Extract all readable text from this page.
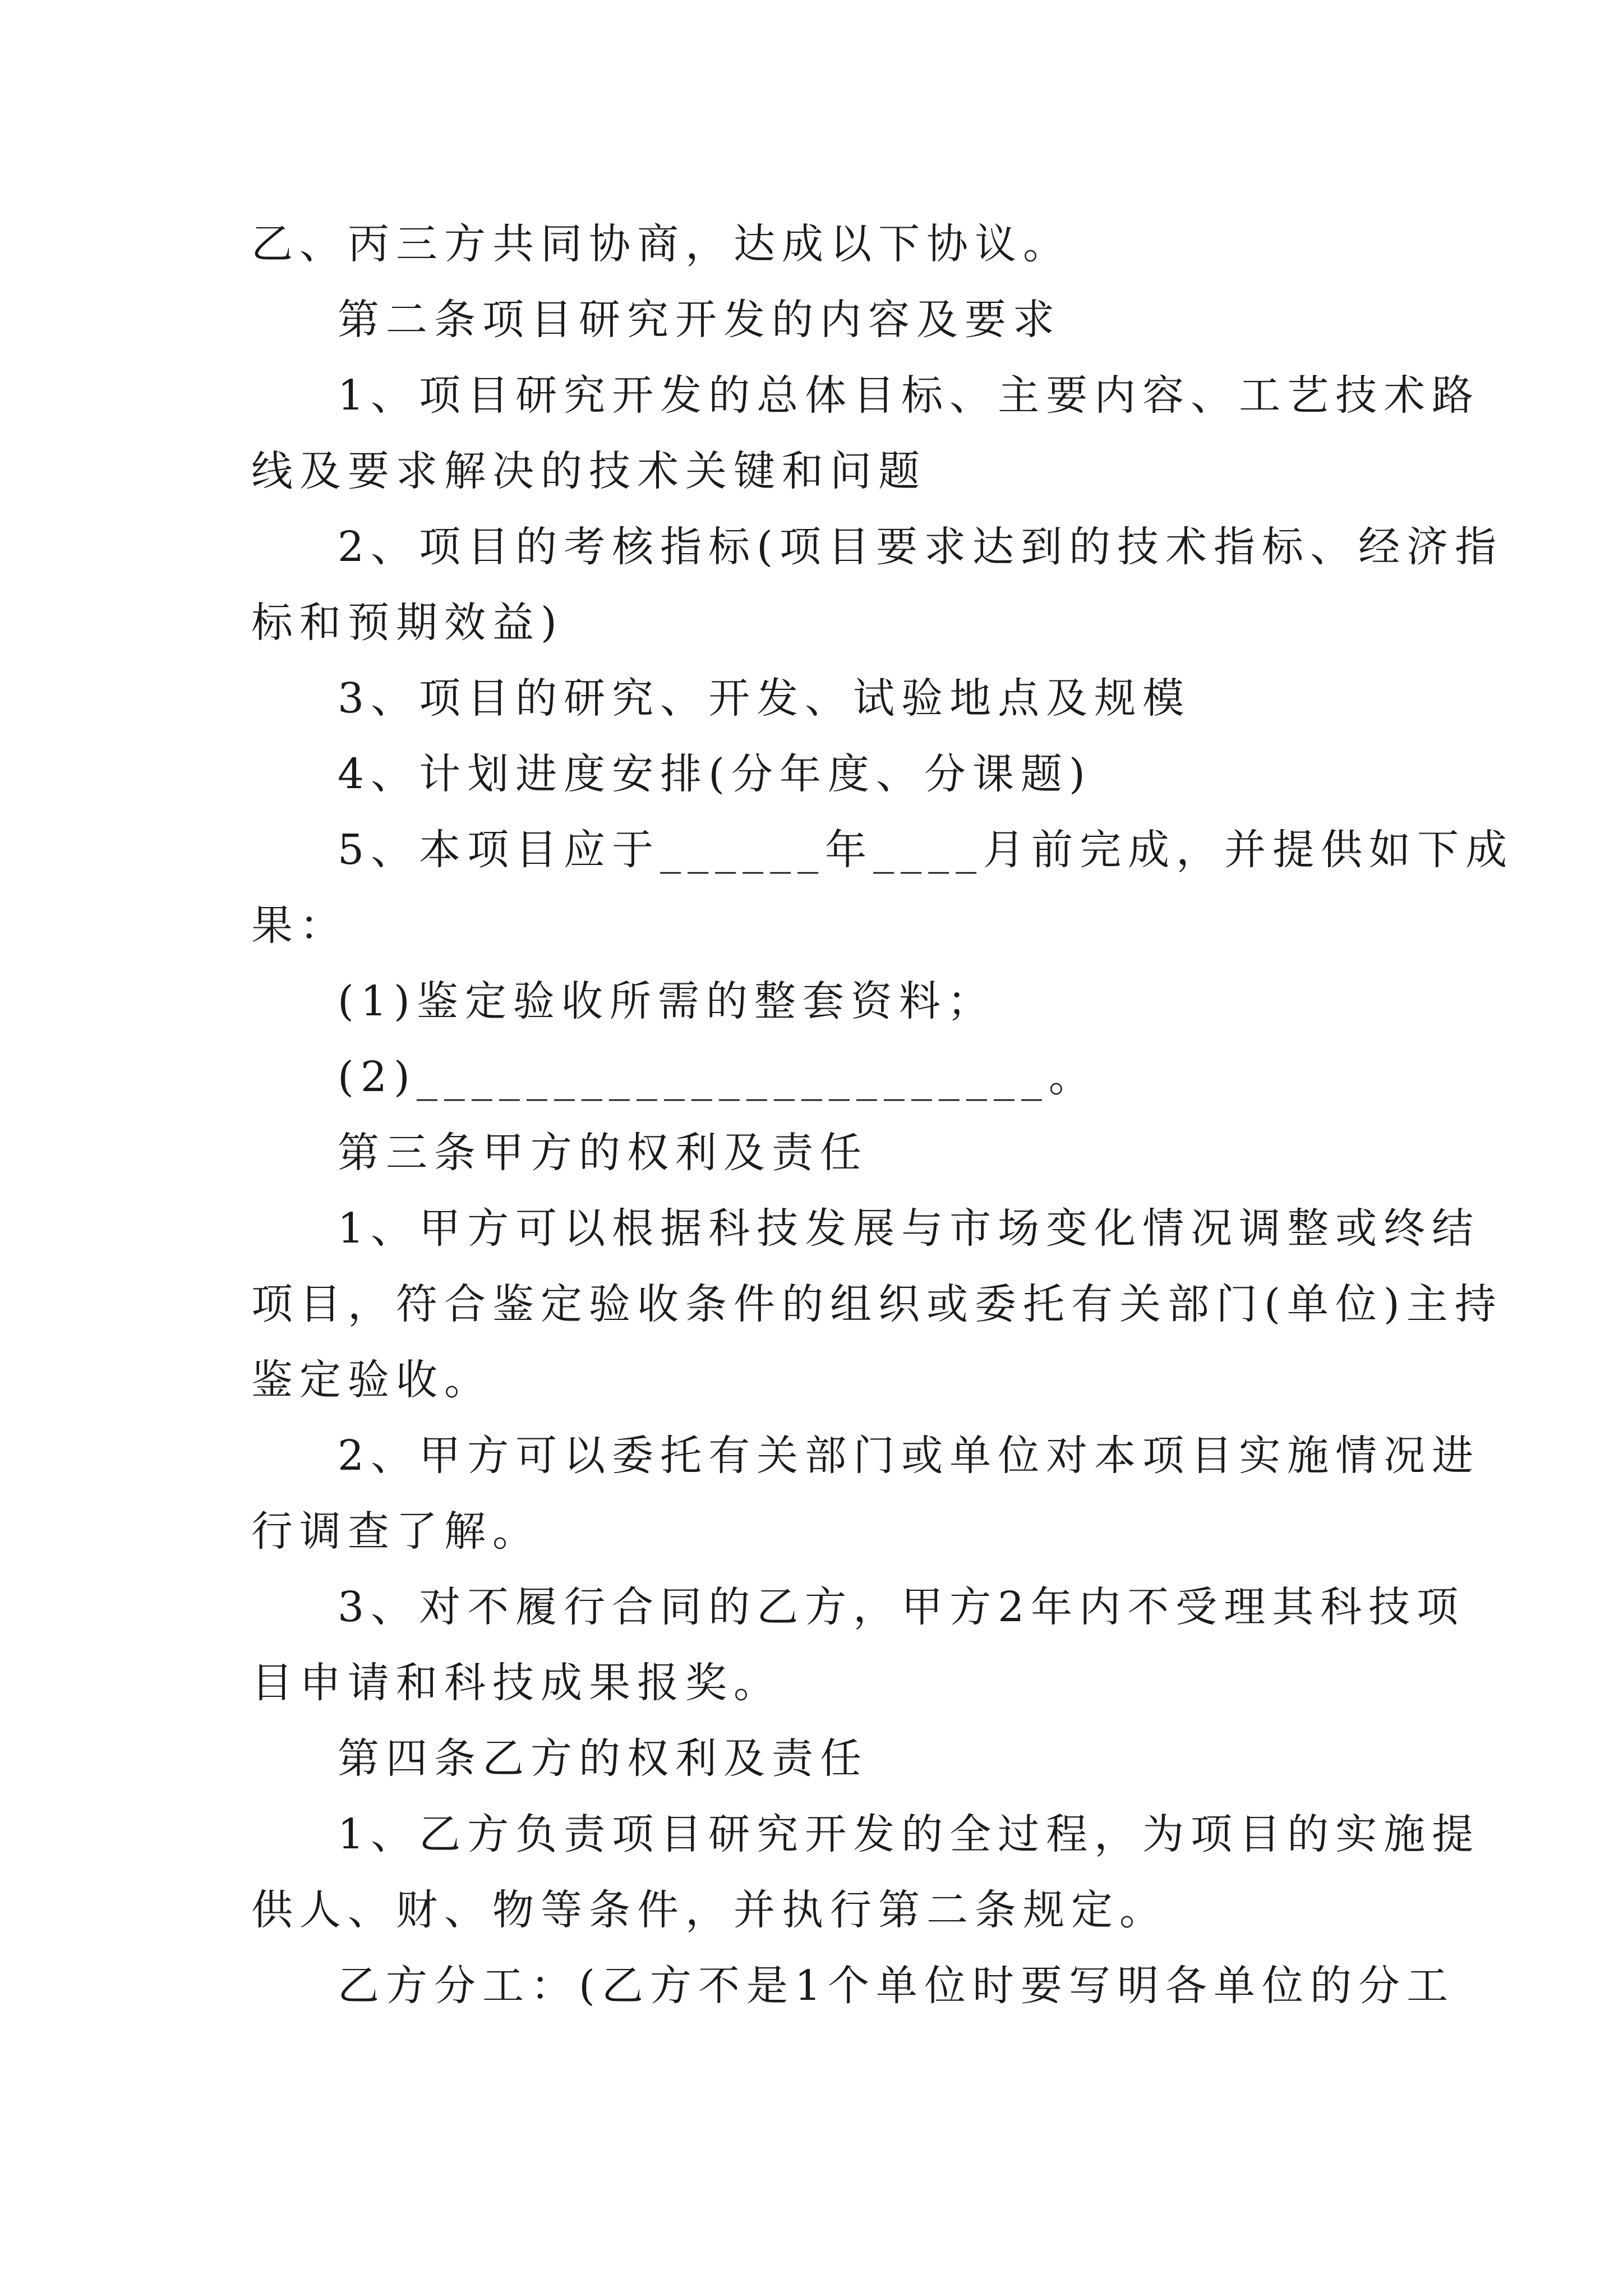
乙、丙三方共同协商，达成以下协议。
第二条项目研究开发的内容及要求
1、项目研究开发的总体目标、主要内容、工艺技术路
线及要求解决的技术关键和问题
2、项目的考核指标(项目要求达到的技术指标、经济指
标和预期效益)
3、项目的研究、开发、试验地点及规模
4、计划进度安排(分年度、分课题)
5、本项目应于______年____月前完成，并提供如下成
果：
(1)鉴定验收所需的整套资料；
(2)_______________________。
第三条甲方的权利及责任
1、甲方可以根据科技发展与市场变化情况调整或终结
项目，符合鉴定验收条件的组织或委托有关部门(单位)主持
鉴定验收。
2、甲方可以委托有关部门或单位对本项目实施情况进
行调查了解。
3、对不履行合同的乙方，甲方2年内不受理其科技项
目申请和科技成果报奖。
第四条乙方的权利及责任
1、乙方负责项目研究开发的全过程，为项目的实施提
供人、财、物等条件，并执行第二条规定。
乙方分工：(乙方不是1个单位时要写明各单位的分工
